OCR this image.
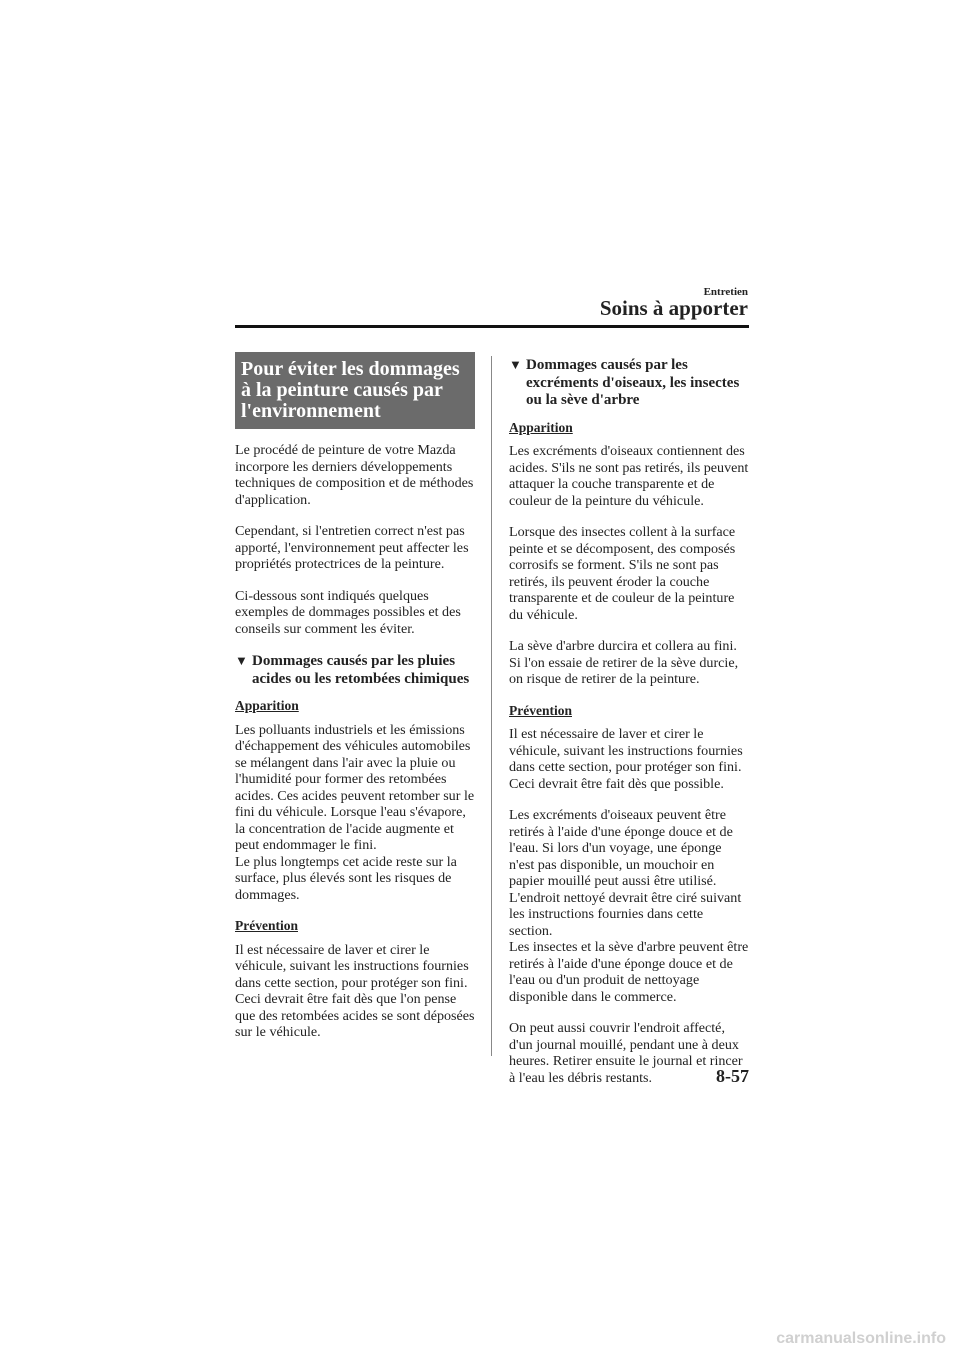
Entretien
Soins à apporter
Pour éviter les dommages
à la peinture causés par
l'environnement

Le procédé de peinture de votre Mazda
incorpore les derniers développements
techniques de composition et de méthodes
d'application.

Cependant, si l'entretien correct n'est pas
apporté, l'environnement peut affecter les
propriétés protectrices de la peinture.

Ci-dessous sont indiqués quelques
exemples de dommages possibles et des
conseils sur comment les éviter.

▼ Dommages causés par les pluies
acides ou les retombées chimiques
Apparition

Les polluants industriels et les émissions
d'échappement des véhicules automobiles
se mélangent dans l'air avec la pluie ou
l'humidité pour former des retombées
acides. Ces acides peuvent retomber sur le
fini du véhicule. Lorsque l'eau s'évapore,
la concentration de l'acide augmente et
peut endommager le fini.
Le plus longtemps cet acide reste sur la
surface, plus élevés sont les risques de
dommages.

Prévention

Il est nécessaire de laver et cirer le
véhicule, suivant les instructions fournies
dans cette section, pour protéger son fini.
Ceci devrait être fait dès que l'on pense
que des retombées acides se sont déposées
sur le véhicule.

▼ Dommages causés par les
excréments d'oiseaux, les insectes
ou la sève d'arbre
Apparition

Les excréments d'oiseaux contiennent des
acides. S'ils ne sont pas retirés, ils peuvent
attaquer la couche transparente et de
couleur de la peinture du véhicule.

Lorsque des insectes collent à la surface
peinte et se décomposent, des composés
corrosifs se forment. S'ils ne sont pas
retirés, ils peuvent éroder la couche
transparente et de couleur de la peinture
du véhicule.

La sève d'arbre durcira et collera au fini.
Si l'on essaie de retirer de la sève durcie,
on risque de retirer de la peinture.

Prévention

Il est nécessaire de laver et cirer le
véhicule, suivant les instructions fournies
dans cette section, pour protéger son fini.
Ceci devrait être fait dès que possible.

Les excréments d'oiseaux peuvent être
retirés à l'aide d'une éponge douce et de
l'eau. Si lors d'un voyage, une éponge
n'est pas disponible, un mouchoir en
papier mouillé peut aussi être utilisé.
L'endroit nettoyé devrait être ciré suivant
les instructions fournies dans cette
section.
Les insectes et la sève d'arbre peuvent être
retirés à l'aide d'une éponge douce et de
l'eau ou d'un produit de nettoyage
disponible dans le commerce.

On peut aussi couvrir l'endroit affecté,
d'un journal mouillé, pendant une à deux
heures. Retirer ensuite le journal et rincer
à l'eau les débris restants.	8-57
carmanualsonline.info
